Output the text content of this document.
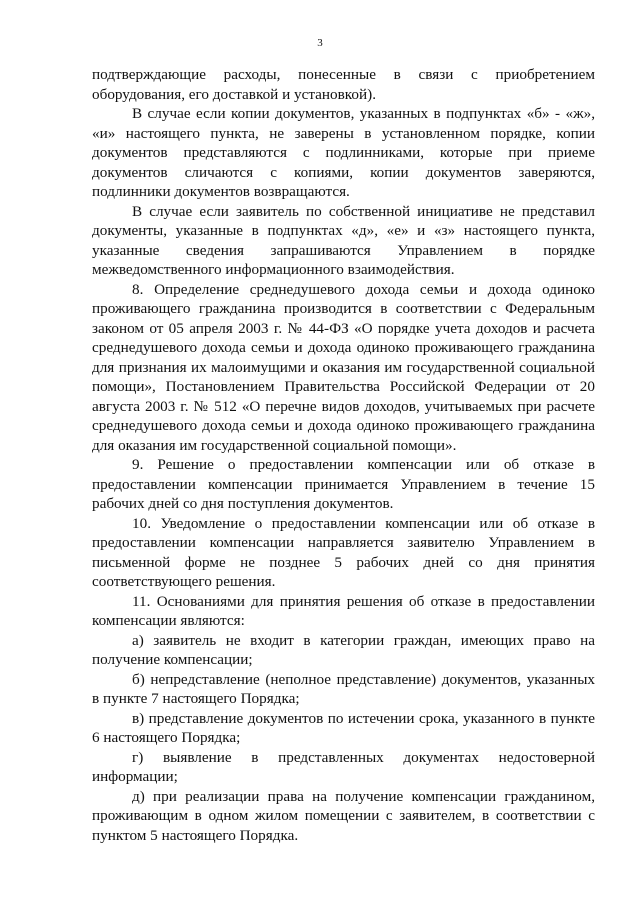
3

подтверждающие расходы, понесенные в связи с приобретением оборудования, его доставкой и установкой).

В случае если копии документов, указанных в подпунктах «б» - «ж», «и» настоящего пункта, не заверены в установленном порядке, копии документов представляются с подлинниками, которые при приеме документов сличаются с копиями, копии документов заверяются, подлинники документов возвращаются.

В случае если заявитель по собственной инициативе не представил документы, указанные в подпунктах «д», «е» и «з» настоящего пункта, указанные сведения запрашиваются Управлением в порядке межведомственного информационного взаимодействия.

8. Определение среднедушевого дохода семьи и дохода одиноко проживающего гражданина производится в соответствии с Федеральным законом от 05 апреля 2003 г. № 44-ФЗ «О порядке учета доходов и расчета среднедушевого дохода семьи и дохода одиноко проживающего гражданина для признания их малоимущими и оказания им государственной социальной помощи», Постановлением Правительства Российской Федерации от 20 августа 2003 г. № 512 «О перечне видов доходов, учитываемых при расчете среднедушевого дохода семьи и дохода одиноко проживающего гражданина для оказания им государственной социальной помощи».

9. Решение о предоставлении компенсации или об отказе в предоставлении компенсации принимается Управлением в течение 15 рабочих дней со дня поступления документов.

10. Уведомление о предоставлении компенсации или об отказе в предоставлении компенсации направляется заявителю Управлением в письменной форме не позднее 5 рабочих дней со дня принятия соответствующего решения.

11. Основаниями для принятия решения об отказе в предоставлении компенсации являются:

а) заявитель не входит в категории граждан, имеющих право на получение компенсации;

б) непредставление (неполное представление) документов, указанных в пункте 7 настоящего Порядка;

в) представление документов по истечении срока, указанного в пункте 6 настоящего Порядка;

г) выявление в представленных документах недостоверной информации;

д) при реализации права на получение компенсации гражданином, проживающим в одном жилом помещении с заявителем, в соответствии с пунктом 5 настоящего Порядка.
